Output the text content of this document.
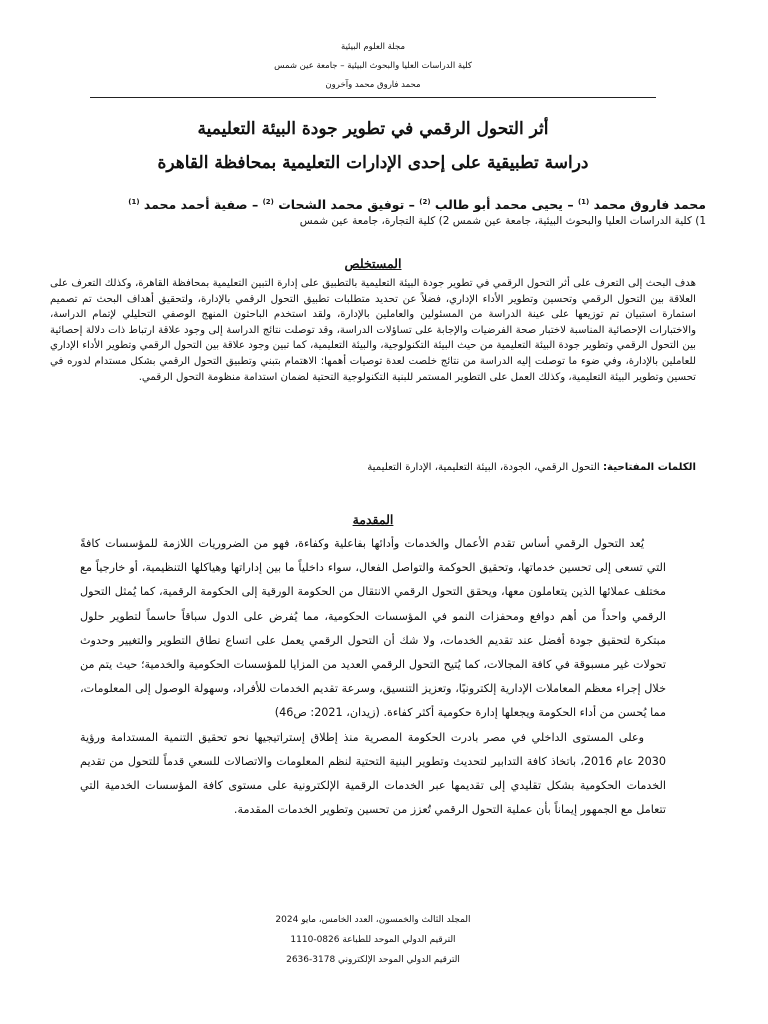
مجلة العلوم البيئية
كلية الدراسات العليا والبحوث البيئية – جامعة عين شمس
محمد فاروق محمد وآخرون
أثر التحول الرقمي في تطوير جودة البيئة التعليمية
دراسة تطبيقية على إحدى الإدارات التعليمية بمحافظة القاهرة
محمد فاروق محمد $^{(1)}$ – يحيى محمد أبو طالب $^{(2)}$ – توفيق محمد الشحات $^{(2)}$ – صفية أحمد محمد $^{(1)}$
1) كلية الدراسات العليا والبحوث البيئية، جامعة عين شمس 2) كلية التجارة، جامعة عين شمس
المستخلص
هدف البحث إلى التعرف على أثر التحول الرقمي في تطوير جودة البيئة التعليمية بالتطبيق على إدارة التبين التعليمية بمحافظة القاهرة، وكذلك التعرف على العلاقة بين التحول الرقمي وتحسين وتطوير الأداء الإداري، فضلاً عن تحديد متطلبات تطبيق التحول الرقمي بالإدارة، ولتحقيق أهداف البحث تم تصميم استمارة استبيان تم توزيعها على عينة الدراسة من المسئولين والعاملين بالإدارة، ولقد استخدم الباحثون المنهج الوصفي التحليلي لإتمام الدراسة، والاختبارات الإحصائية المناسبة لاختبار صحة الفرضيات والإجابة على تساؤلات الدراسة، وقد توصلت نتائج الدراسة إلى وجود علاقة ارتباط ذات دلالة إحصائية بين التحول الرقمي وتطوير جودة البيئة التعليمية من حيث البيئة التكنولوجية، والبيئة التعليمية، كما تبين وجود علاقة بين التحول الرقمي وتطوير الأداء الإداري للعاملين بالإدارة، وفي ضوء ما توصلت إليه الدراسة من نتائج خلصت لعدة توصيات أهمها: الاهتمام بتبني وتطبيق التحول الرقمي بشكل مستدام لدوره في تحسين وتطوير البيئة التعليمية، وكذلك العمل على التطوير المستمر للبنية التكنولوجية التحتية لضمان استدامة منظومة التحول الرقمي.
الكلمات المفتاحية: التحول الرقمي، الجودة، البيئة التعليمية، الإدارة التعليمية
المقدمة

يُعد التحول الرقمي أساس تقدم الأعمال والخدمات وأدائها بفاعلية وكفاءة، فهو من الضروريات اللازمة للمؤسسات كافةً التي تسعى إلى تحسين خدماتها، وتحقيق الحوكمة والتواصل الفعال، سواء داخلياً ما بين إداراتها وهياكلها التنظيمية، أو خارجياً مع مختلف عملائها الذين يتعاملون معها، ويحقق التحول الرقمي الانتقال من الحكومة الورقية إلى الحكومة الرقمية، كما يُمثل التحول الرقمي واحداً من أهم دوافع ومحفزات النمو في المؤسسات الحكومية، مما يُفرض على الدول سباقاً حاسماً لتطوير حلول مبتكرة لتحقيق جودة أفضل عند تقديم الخدمات، ولا شك أن التحول الرقمي يعمل على اتساع نطاق التطوير والتغيير وحدوث تحولات غير مسبوقة في كافة المجالات، كما يُتيح التحول الرقمي العديد من المزايا للمؤسسات الحكومية والخدمية؛ حيث يتم من خلال إجراء معظم المعاملات الإدارية إلكترونيًا، وتعزيز التنسيق، وسرعة تقديم الخدمات للأفراد، وسهولة الوصول إلى المعلومات، مما يُحسن من أداء الحكومة ويجعلها إدارة حكومية أكثر كفاءة. (زيدان، 2021: ص46)

وعلى المستوى الداخلي في مصر بادرت الحكومة المصرية منذ إطلاق إستراتيجيها نحو تحقيق التنمية المستدامة ورؤية 2030 عام 2016، باتخاذ كافة التدابير لتحديث وتطوير البنية التحتية لنظم المعلومات والاتصالات للسعي قدماً للتحول من تقديم الخدمات الحكومية بشكل تقليدي إلى تقديمها عبر الخدمات الرقمية الإلكترونية على مستوى كافة المؤسسات الخدمية التي تتعامل مع الجمهور إيماناً بأن عملية التحول الرقمي تُعزز من تحسين وتطوير الخدمات المقدمة.

المجلد الثالث والخمسون، العدد الخامس، مايو 2024
الترقيم الدولي الموحد للطباعة 0826-1110
الترقيم الدولي الموحد الإلكتروني 3178-2636
